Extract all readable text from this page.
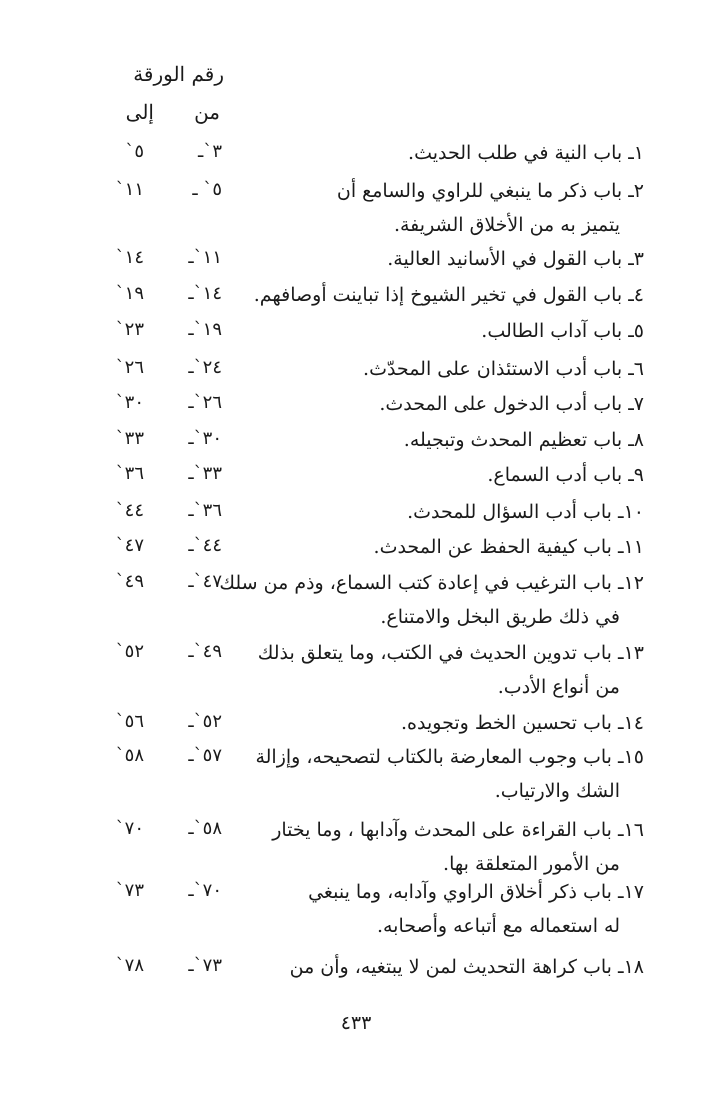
رقم الورقة
من
إلى
١ـ باب النية في طلب الحديث.
٣`ـ
٥`
٢ـ باب ذكر ما ينبغي للراوي والسامع أن
٥` ـ
١١`
يتميز به من الأخلاق الشريفة.
٣ـ باب القول في الأسانيد العالية.
١١`ـ
١٤`
٤ـ باب القول في تخير الشيوخ إذا تباينت أوصافهم.
١٤`ـ
١٩`
٥ـ باب آداب الطالب.
١٩`ـ
٢٣`
٦ـ باب أدب الاستئذان على المحدّث.
٢٤`ـ
٢٦`
٧ـ باب أدب الدخول على المحدث.
٢٦`ـ
٣٠`
٨ـ باب تعظيم المحدث وتبجيله.
٣٠`ـ
٣٣`
٩ـ باب أدب السماع.
٣٣`ـ
٣٦`
١٠ـ باب أدب السؤال للمحدث.
٣٦`ـ
٤٤`
١١ـ باب كيفية الحفظ عن المحدث.
٤٤`ـ
٤٧`
١٢ـ باب الترغيب في إعادة كتب السماع، وذم من سلك
٤٧`ـ
٤٩`
في ذلك طريق البخل والامتناع.
١٣ـ باب تدوين الحديث في الكتب، وما يتعلق بذلك
٤٩`ـ
٥٢`
من أنواع الأدب.
١٤ـ باب تحسين الخط وتجويده.
٥٢`ـ
٥٦`
١٥ـ باب وجوب المعارضة بالكتاب لتصحيحه، وإزالة
٥٧`ـ
٥٨`
الشك والارتياب.
١٦ـ باب القراءة على المحدث وآدابها ، وما يختار
٥٨`ـ
٧٠`
من الأمور المتعلقة بها.
١٧ـ باب ذكر أخلاق الراوي وآدابه، وما ينبغي
٧٠`ـ
٧٣`
له استعماله مع أتباعه وأصحابه.
١٨ـ باب كراهة التحديث لمن لا يبتغيه، وأن من
٧٣`ـ
٧٨`
٤٣٣
